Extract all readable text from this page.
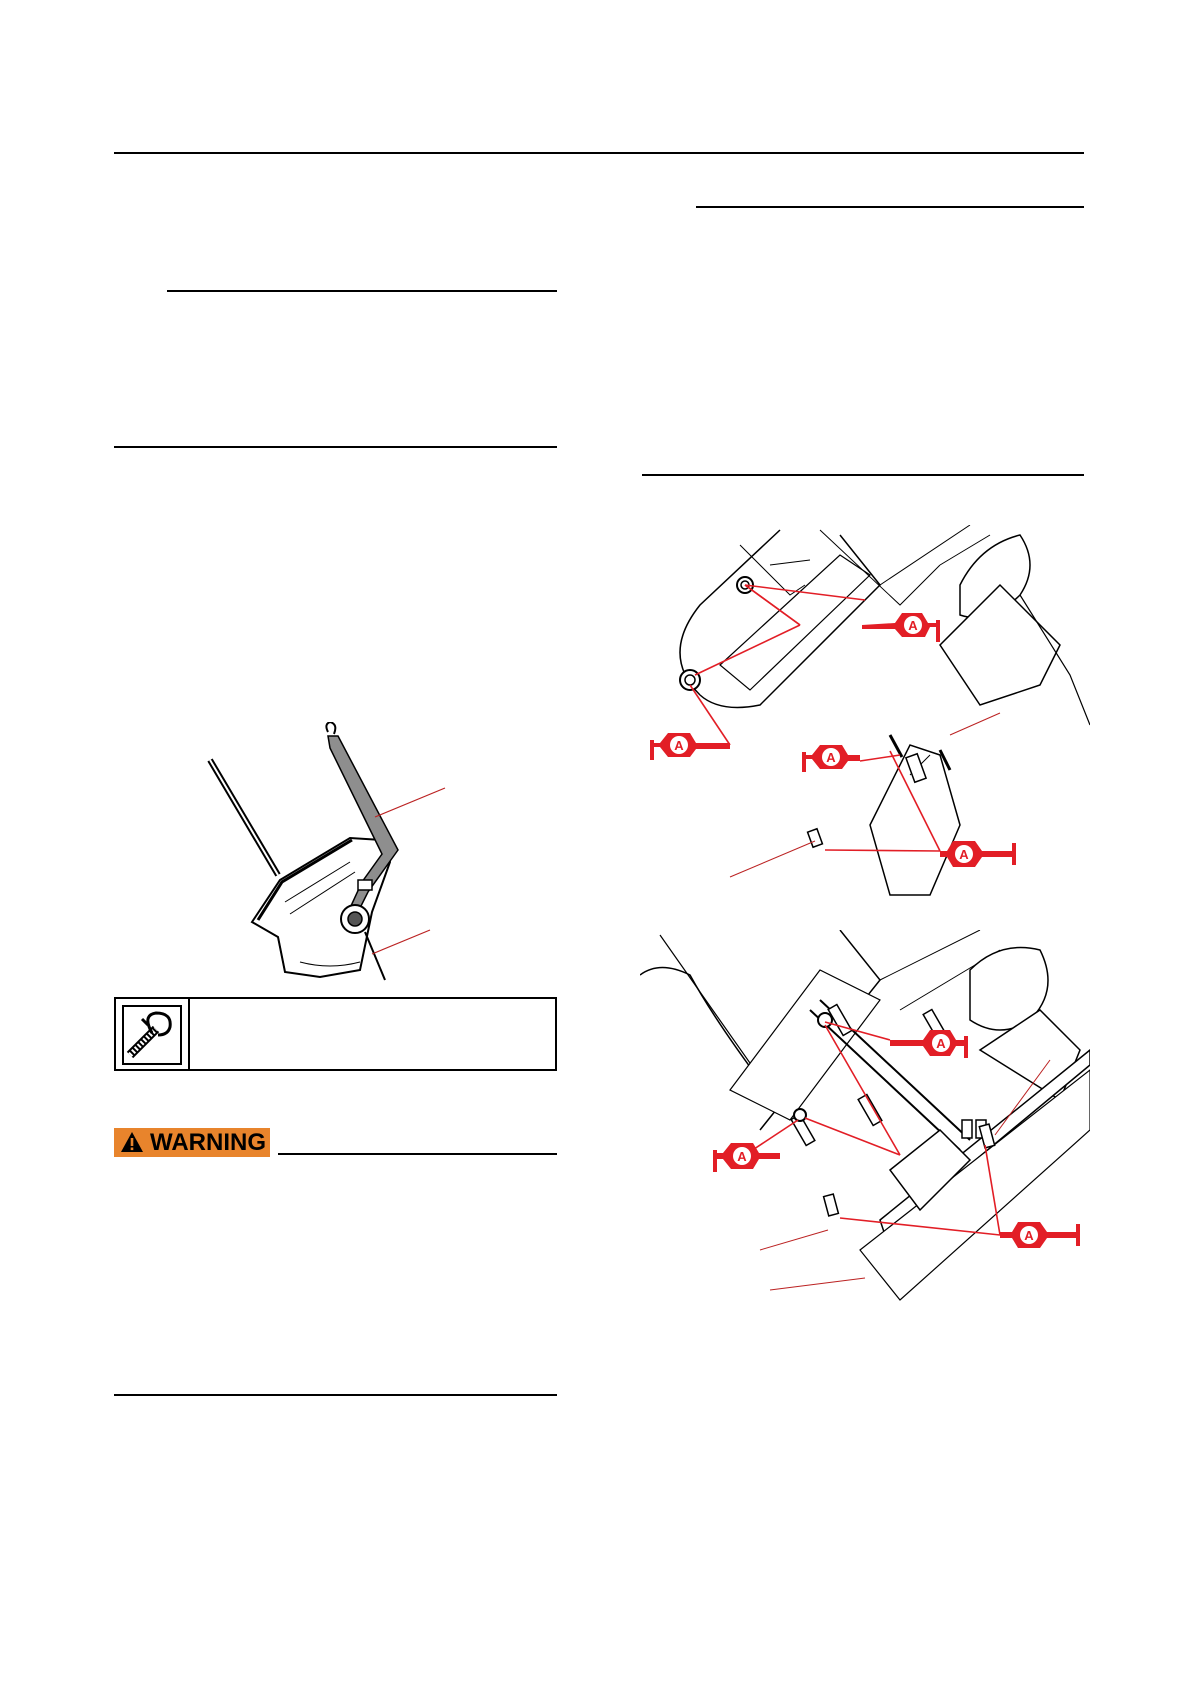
WARNING
A
A
A
A
A
A
A
